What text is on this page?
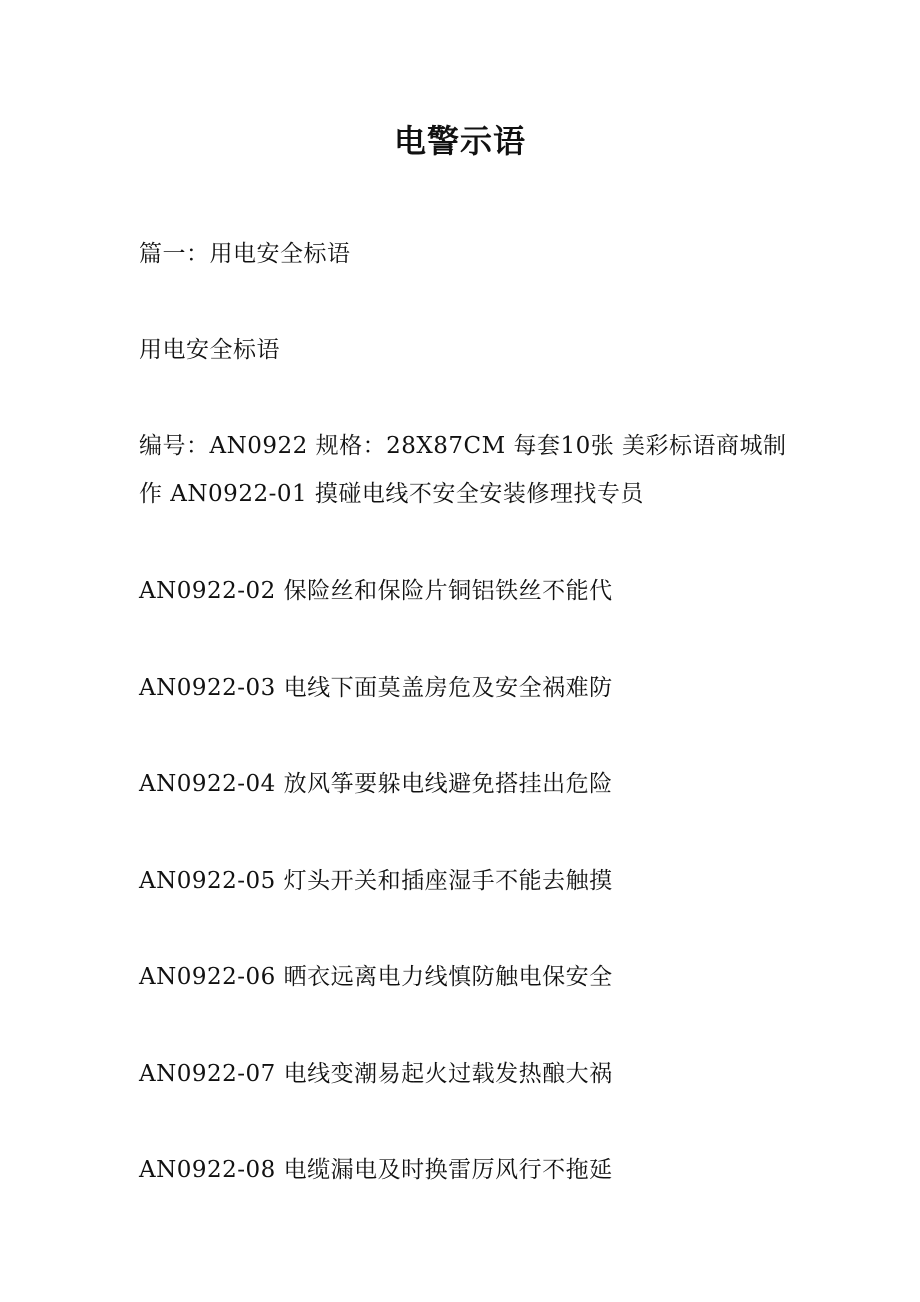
电警示语
篇一：用电安全标语
用电安全标语
编号：AN0922 规格：28X87CM 每套10张 美彩标语商城制作 AN0922-01 摸碰电线不安全安装修理找专员
AN0922-02 保险丝和保险片铜铝铁丝不能代
AN0922-03 电线下面莫盖房危及安全祸难防
AN0922-04 放风筝要躲电线避免搭挂出危险
AN0922-05 灯头开关和插座湿手不能去触摸
AN0922-06 晒衣远离电力线慎防触电保安全
AN0922-07 电线变潮易起火过载发热酿大祸
AN0922-08 电缆漏电及时换雷厉风行不拖延
